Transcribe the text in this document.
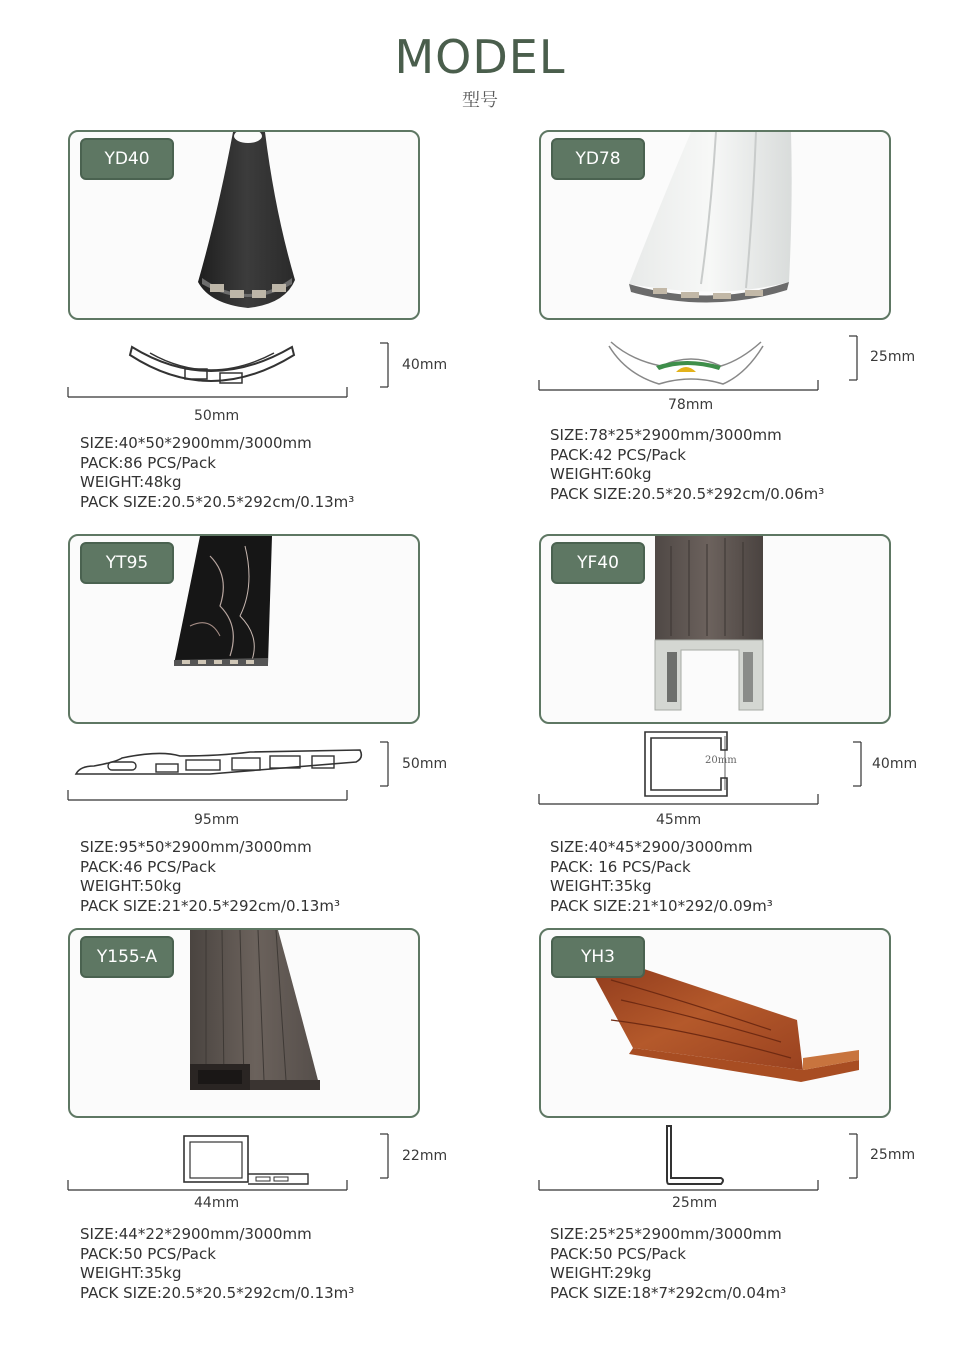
MODEL
型号
YD40
50mm
40mm
SIZE:40*50*2900mm/3000mm
PACK:86 PCS/Pack
WEIGHT:48kg
PACK SIZE:20.5*20.5*292cm/0.13m³
YD78
78mm
25mm
SIZE:78*25*2900mm/3000mm
PACK:42 PCS/Pack
WEIGHT:60kg
PACK SIZE:20.5*20.5*292cm/0.06m³
YT95
95mm
50mm
SIZE:95*50*2900mm/3000mm
PACK:46 PCS/Pack
WEIGHT:50kg
PACK SIZE:21*20.5*292cm/0.13m³
YF40
20mm
45mm
40mm
SIZE:40*45*2900/3000mm
PACK: 16 PCS/Pack
WEIGHT:35kg
PACK SIZE:21*10*292/0.09m³
Y155-A
44mm
22mm
SIZE:44*22*2900mm/3000mm
PACK:50 PCS/Pack
WEIGHT:35kg
PACK SIZE:20.5*20.5*292cm/0.13m³
YH3
25mm
25mm
SIZE:25*25*2900mm/3000mm
PACK:50 PCS/Pack
WEIGHT:29kg
PACK SIZE:18*7*292cm/0.04m³
